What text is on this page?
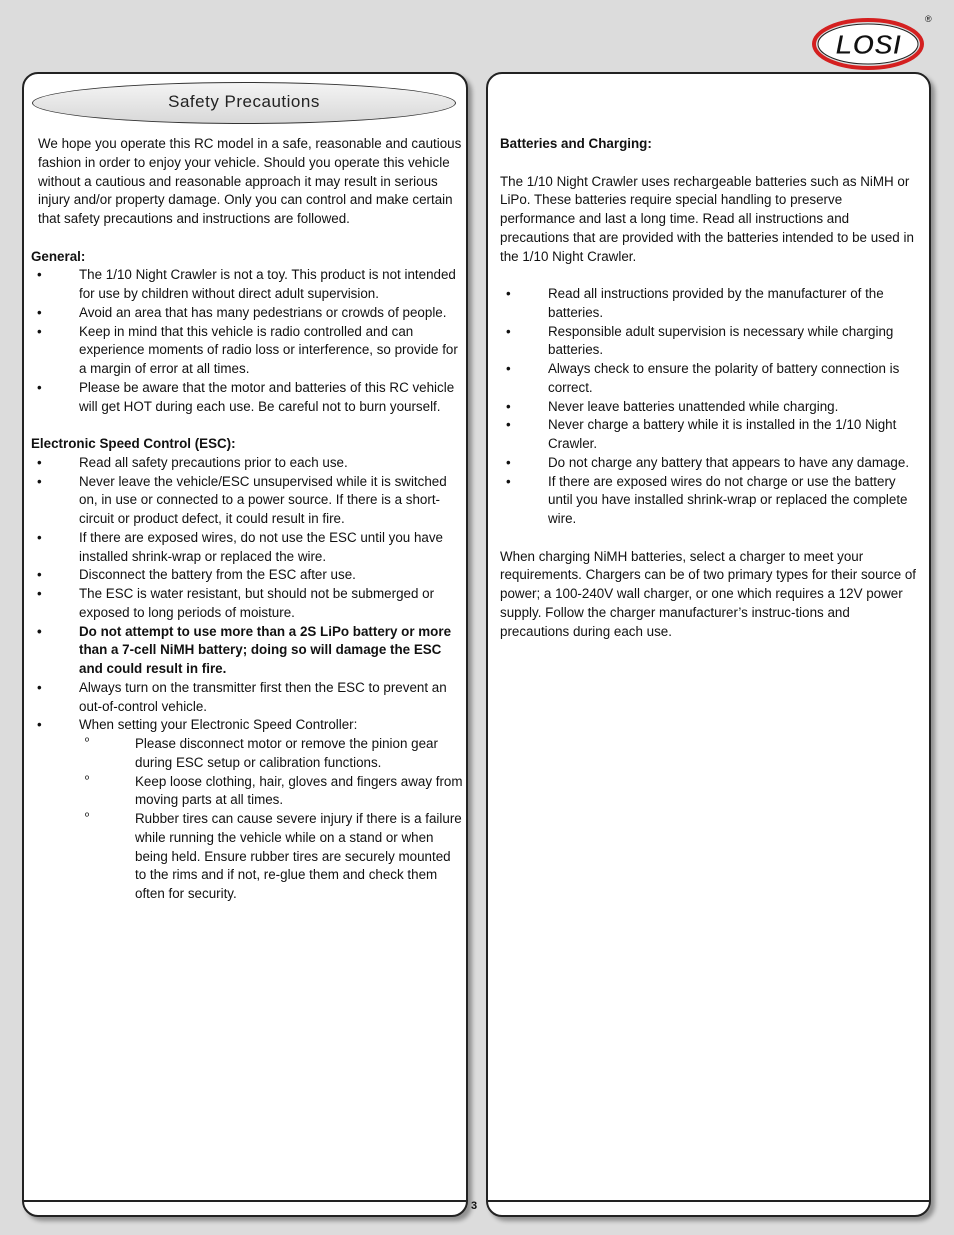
LOSI
®
Safety Precautions

We hope you operate this RC model in a safe, reasonable and cautious fashion in order to enjoy your vehicle. Should you operate this vehicle without a cautious and reasonable approach it may result in serious injury and/or property damage. Only you can control and make certain that safety precautions and instructions are followed.

General:

•	The 1/10 Night Crawler is not a toy. This product is not intended for use by children without direct adult supervision.

•	Avoid an area that has many pedestrians or crowds of people.

•	Keep in mind that this vehicle is radio controlled and can experience moments of radio loss or interference, so provide for a margin of error at all times.

•	Please be aware that the motor and batteries of this RC vehicle will get HOT during each use. Be careful not to burn yourself.

Electronic Speed Control (ESC):

•	Read all safety precautions prior to each use.

•	Never leave the vehicle/ESC unsupervised while it is switched on, in use or connected to a power source. If there is a short-circuit or product defect, it could result in fire.

•	If there are exposed wires, do not use the ESC until you have installed shrink-wrap or replaced the wire.

•	Disconnect the battery from the ESC after use.

•	The ESC is water resistant, but should not be submerged or exposed to long periods of moisture.

•	Do not attempt to use more than a 2S LiPo battery or more than a 7-cell NiMH battery; doing so will damage the ESC and could result in fire.

•	Always turn on the transmitter first then the ESC to prevent an out-of-control vehicle.

•	When setting your Electronic Speed Controller:

º	Please disconnect motor or remove the pinion gear during ESC setup or calibration functions.

º	Keep loose clothing, hair, gloves and fingers away from moving parts at all times.

º	Rubber tires can cause severe injury if there is a failure while running the vehicle while on a stand or when being held. Ensure rubber tires are securely mounted to the rims and if not, re-glue them and check them often for security.

Batteries and Charging:

The 1/10 Night Crawler uses rechargeable batteries such as NiMH or LiPo. These batteries require special handling to preserve performance and last a long time. Read all instructions and precautions that are provided with the batteries intended to be used in the 1/10 Night Crawler.

•	Read all instructions provided by the manufacturer of the batteries.

•	Responsible adult supervision is necessary while charging batteries.

•	Always check to ensure the polarity of battery connection is correct.

•	Never leave batteries unattended while charging.

•	Never charge a battery while it is installed in the 1/10 Night Crawler.

•	Do not charge any battery that appears to have any damage.

•	If there are exposed wires do not charge or use the battery until you have installed shrink-wrap or replaced the complete wire.

When charging NiMH batteries, select a charger to meet your requirements. Chargers can be of two primary types for their source of power; a 100-240V wall charger, or one which requires a 12V power supply. Follow the charger manufacturer’s instruc-tions and precautions during each use.

3
